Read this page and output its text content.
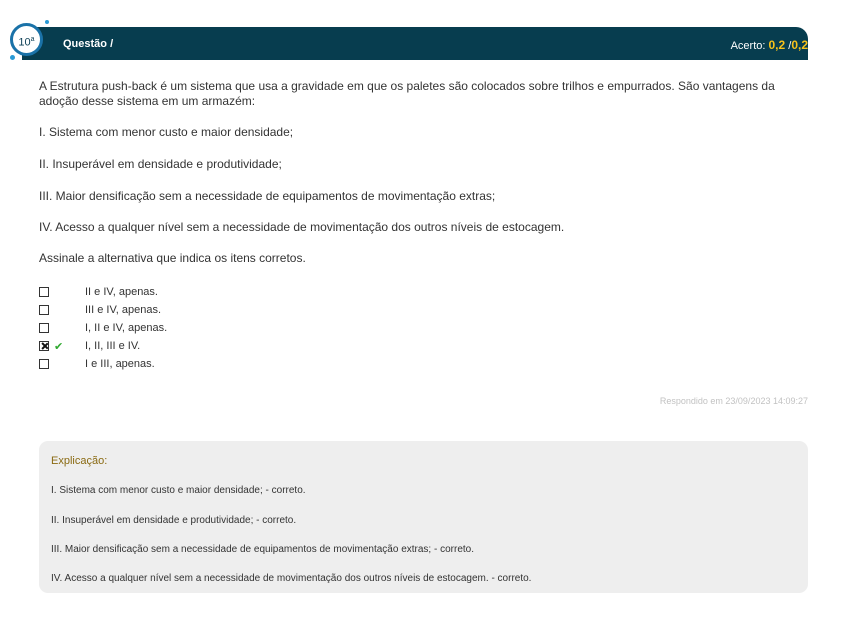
10$^a$	Questão /	Acerto: 0,2 /0,2
A Estrutura push-back é um sistema que usa a gravidade em que os paletes são colocados sobre trilhos e empurrados. São vantagens da adoção desse sistema em um armazém:
I. Sistema com menor custo e maior densidade;
II. Insuperável em densidade e produtividade;
III. Maior densificação sem a necessidade de equipamentos de movimentação extras;
IV. Acesso a qualquer nível sem a necessidade de movimentação dos outros níveis de estocagem.
Assinale a alternativa que indica os itens corretos.
II e IV, apenas.
III e IV, apenas.
I, II e IV, apenas.
✔	I, II, III e IV.
I e III, apenas.
Respondido em 23/09/2023 14:09:27
Explicação:
I. Sistema com menor custo e maior densidade; - correto.
II. Insuperável em densidade e produtividade; - correto.
III. Maior densificação sem a necessidade de equipamentos de movimentação extras; - correto.
IV. Acesso a qualquer nível sem a necessidade de movimentação dos outros níveis de estocagem. - correto.
